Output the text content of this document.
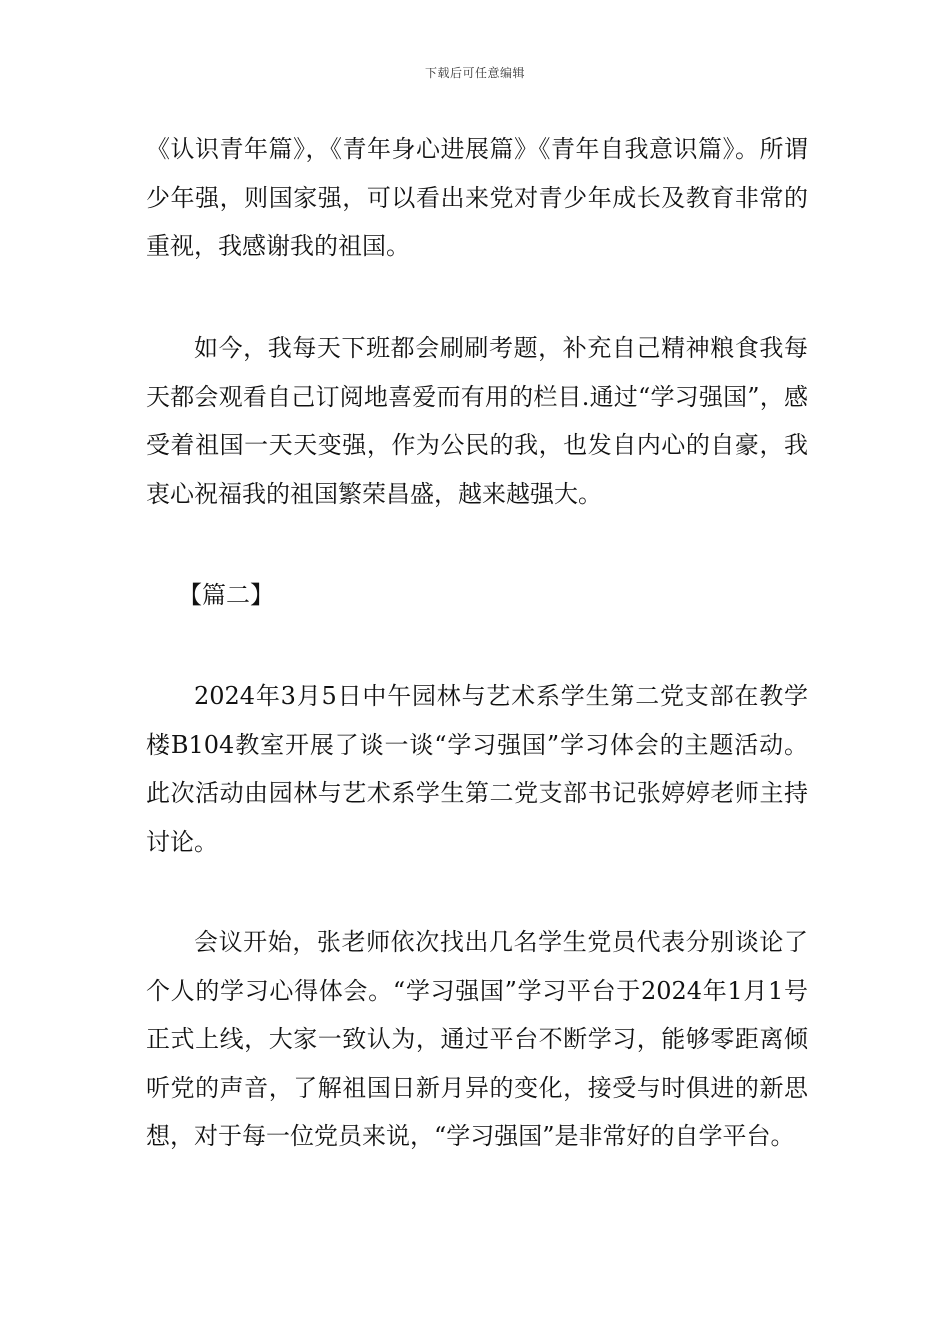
下载后可任意编辑

《认识青年篇》，《青年身心进展篇》《青年自我意识篇》。所谓少年强，则国家强，可以看出来党对青少年成长及教育非常的重视，我感谢我的祖国。

如今，我每天下班都会刷刷考题，补充自己精神粮食我每天都会观看自己订阅地喜爱而有用的栏目.通过“学习强国”，感受着祖国一天天变强，作为公民的我，也发自内心的自豪，我衷心祝福我的祖国繁荣昌盛，越来越强大。

【篇二】

2024年3月5日中午园林与艺术系学生第二党支部在教学楼B104教室开展了谈一谈“学习强国”学习体会的主题活动。此次活动由园林与艺术系学生第二党支部书记张婷婷老师主持讨论。

会议开始，张老师依次找出几名学生党员代表分别谈论了个人的学习心得体会。“学习强国”学习平台于2024年1月1号正式上线，大家一致认为，通过平台不断学习，能够零距离倾听党的声音，了解祖国日新月异的变化，接受与时俱进的新思想，对于每一位党员来说，“学习强国”是非常好的自学平台。
